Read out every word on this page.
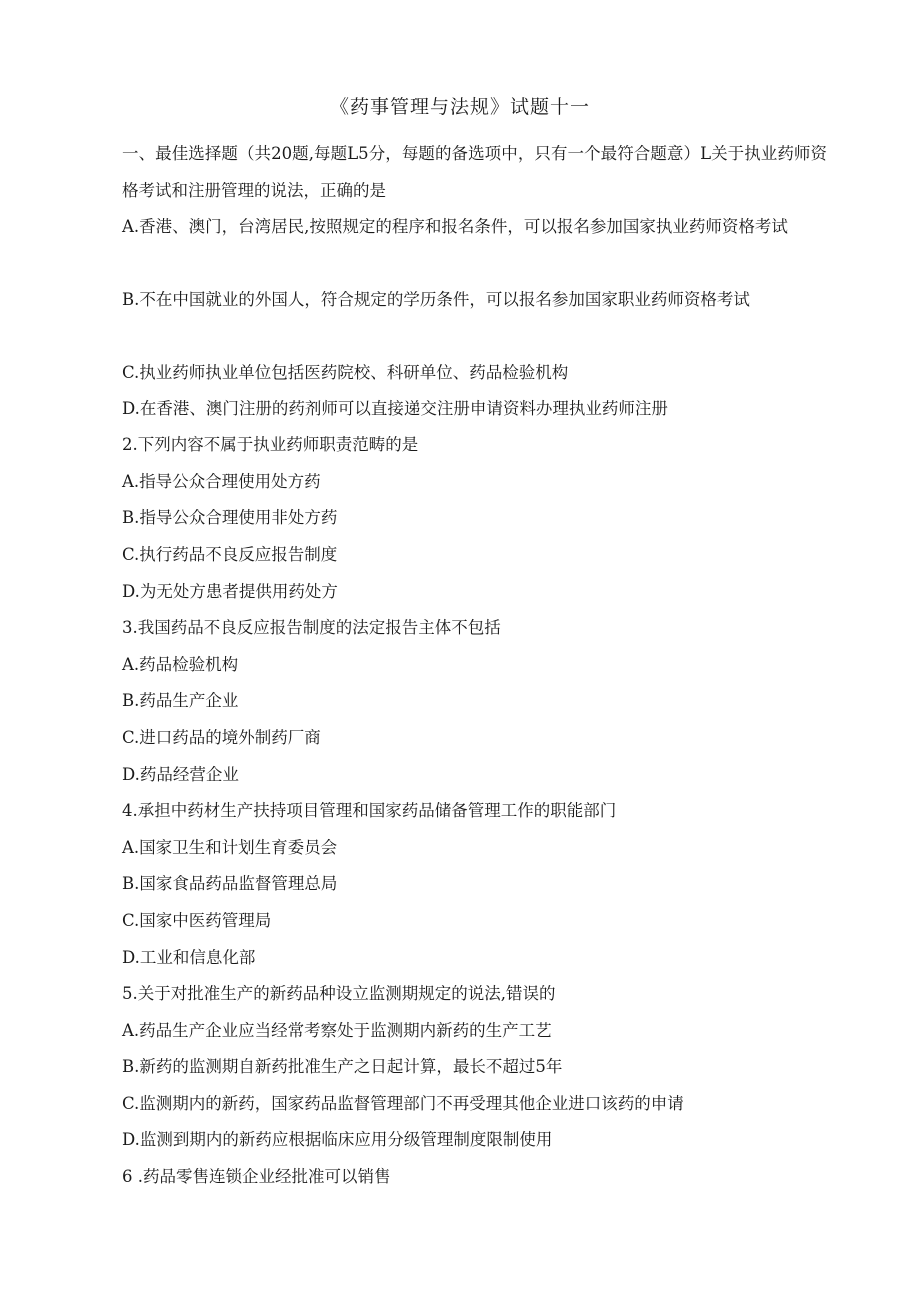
《药事管理与法规》试题十一
一、最佳选择题（共20题,每题L5分，每题的备选项中，只有一个最符合题意）L关于执业药师资格考试和注册管理的说法，正确的是
A.香港、澳门，台湾居民,按照规定的程序和报名条件，可以报名参加国家执业药师资格考试
B.不在中国就业的外国人，符合规定的学历条件，可以报名参加国家职业药师资格考试
C.执业药师执业单位包括医药院校、科研单位、药品检验机构
D.在香港、澳门注册的药剂师可以直接递交注册申请资料办理执业药师注册
2.下列内容不属于执业药师职责范畴的是
A.指导公众合理使用处方药
B.指导公众合理使用非处方药
C.执行药品不良反应报告制度
D.为无处方患者提供用药处方
3.我国药品不良反应报告制度的法定报告主体不包括
A.药品检验机构
B.药品生产企业
C.进口药品的境外制药厂商
D.药品经营企业
4.承担中药材生产扶持项目管理和国家药品储备管理工作的职能部门
A.国家卫生和计划生育委员会
B.国家食品药品监督管理总局
C.国家中医药管理局
D.工业和信息化部
5.关于对批准生产的新药品种设立监测期规定的说法,错误的
A.药品生产企业应当经常考察处于监测期内新药的生产工艺
B.新药的监测期自新药批准生产之日起计算，最长不超过5年
C.监测期内的新药，国家药品监督管理部门不再受理其他企业进口该药的申请
D.监测到期内的新药应根据临床应用分级管理制度限制使用
6 .药品零售连锁企业经批准可以销售
